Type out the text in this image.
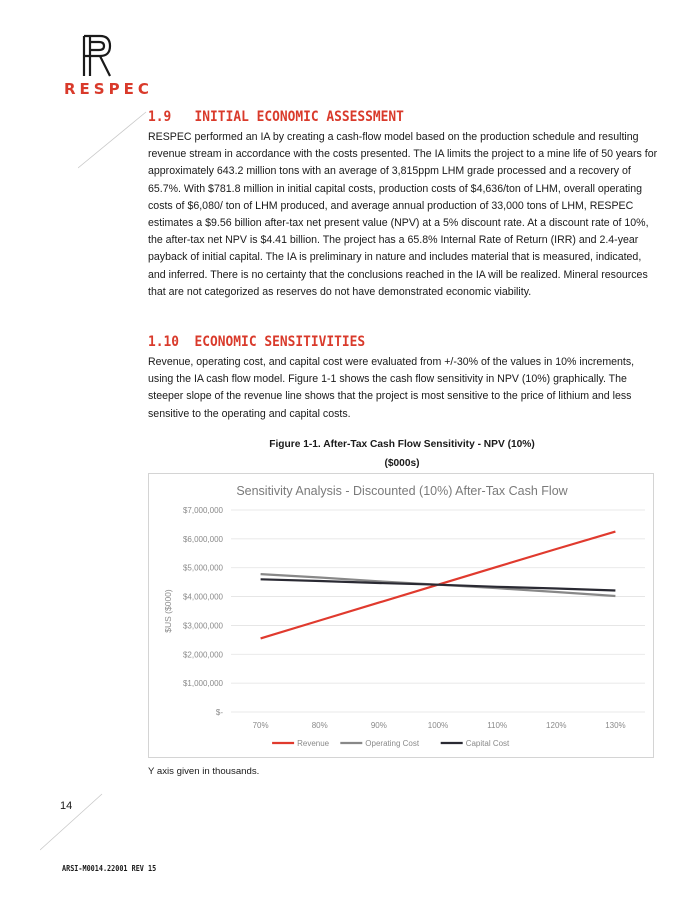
RESPEC
1.9 INITIAL ECONOMIC ASSESSMENT

RESPEC performed an IA by creating a cash-flow model based on the production schedule and resulting revenue stream in accordance with the costs presented. The IA limits the project to a mine life of 50 years for approximately 643.2 million tons with an average of 3,815ppm LHM grade processed and a recovery of 65.7%. With $781.8 million in initial capital costs, production costs of $4,636/ton of LHM, overall operating costs of $6,080/ ton of LHM produced, and average annual production of 33,000 tons of LHM, RESPEC estimates a $9.56 billion after-tax net present value (NPV) at a 5% discount rate. At a discount rate of 10%, the after-tax net NPV is $4.41 billion. The project has a 65.8% Internal Rate of Return (IRR) and 2.4-year payback of initial capital. The IA is preliminary in nature and includes material that is measured, indicated, and inferred. There is no certainty that the conclusions reached in the IA will be realized. Mineral resources that are not categorized as reserves do not have demonstrated economic viability.

1.10 ECONOMIC SENSITIVITIES

Revenue, operating cost, and capital cost were evaluated from +/-30% of the values in 10% increments, using the IA cash flow model. Figure 1-1 shows the cash flow sensitivity in NPV (10%) graphically. The steeper slope of the revenue line shows that the project is most sensitive to the price of lithium and less sensitive to the operating and capital costs.

Figure 1-1. After-Tax Cash Flow Sensitivity - NPV (10%)
($000s)
Sensitivity Analysis - Discounted (10%) After-Tax Cash Flow
$-
$1,000,000
$2,000,000
$3,000,000
$4,000,000
$5,000,000
$6,000,000
$7,000,000
$US ($000)
70%	80%	90%	100%	110%	120%	130%
Revenue	Operating Cost	Capital Cost
Y axis given in thousands.
14
ARSI-M0014.22001 REV 15
